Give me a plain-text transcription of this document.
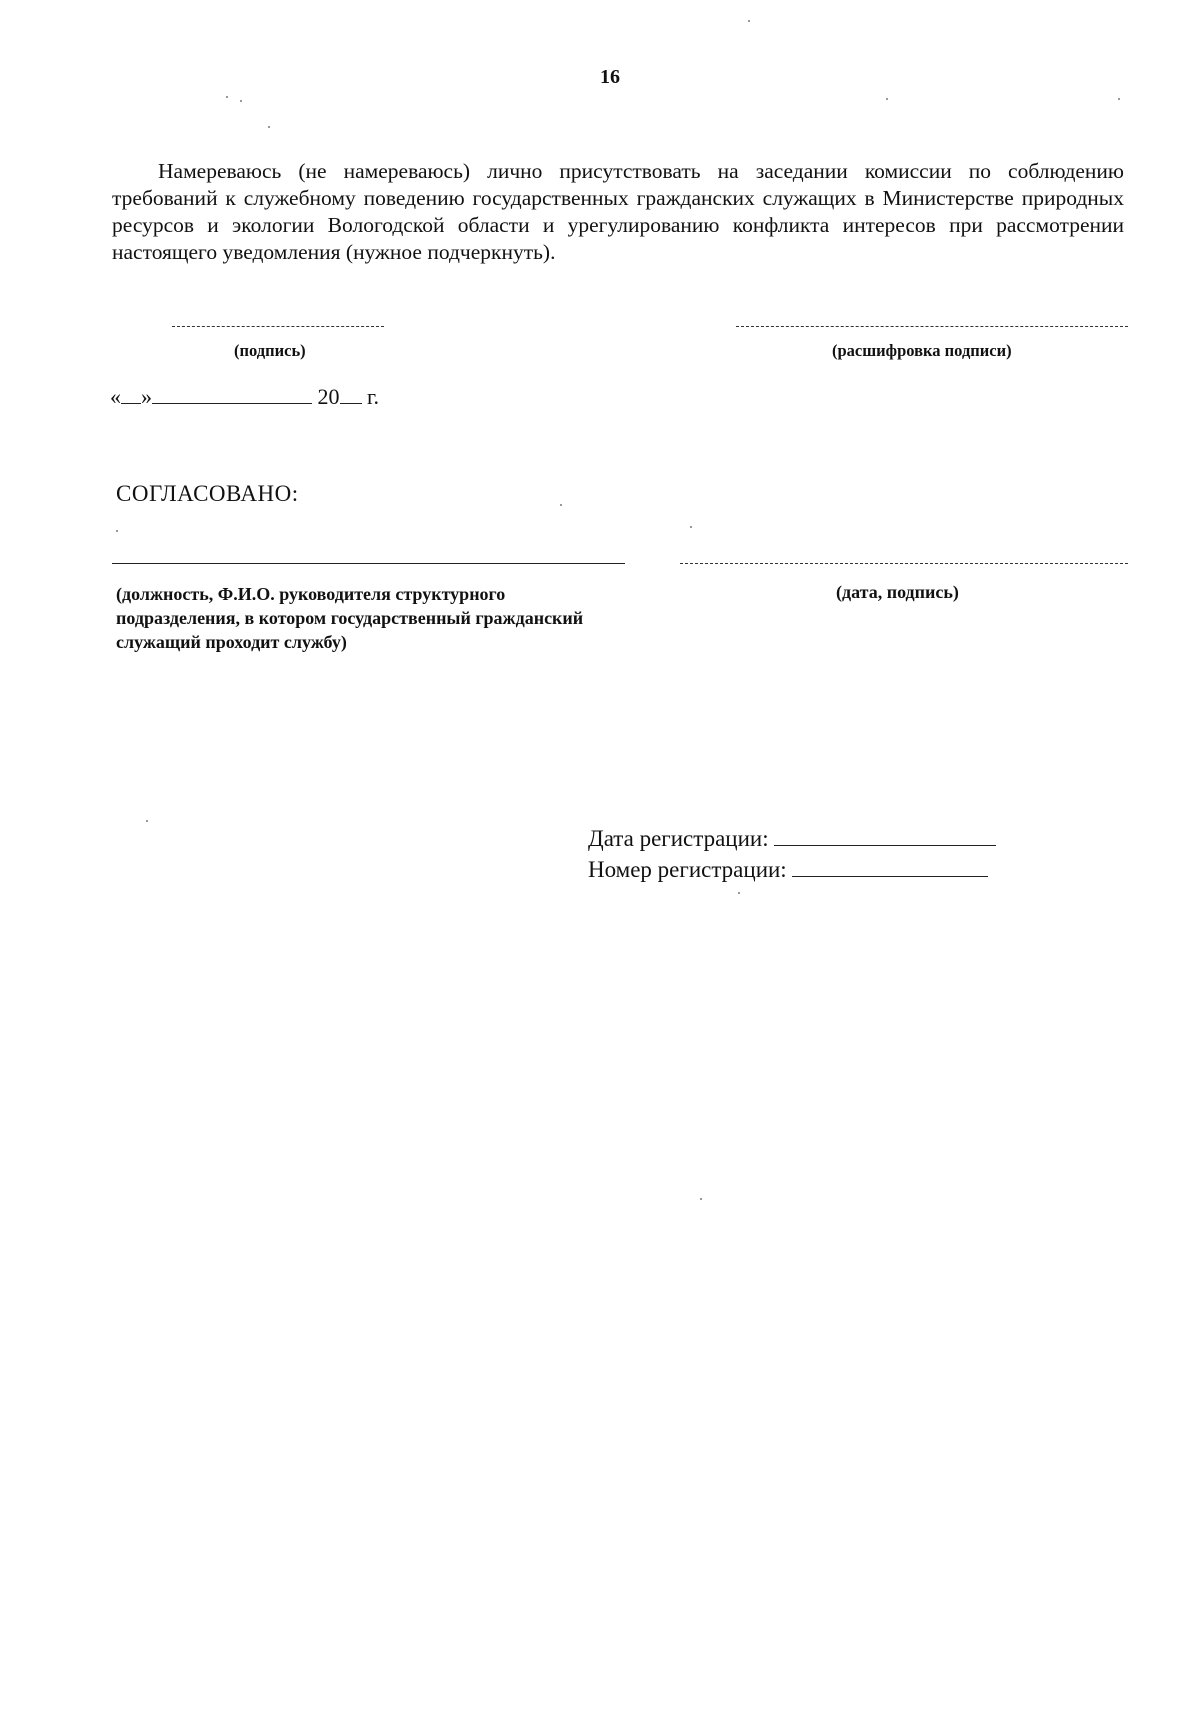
16

Намереваюсь (не намереваюсь) лично присутствовать на заседании комиссии по соблюдению требований к служебному поведению государственных гражданских служащих в Министерстве природных ресурсов и экологии Вологодской области и урегулированию конфликта интересов при рассмотрении настоящего уведомления (нужное подчеркнуть).

(подпись)	(расшифровка подписи)
« »	20 г.
СОГЛАСОВАНО:
(должность, Ф.И.О. руководителя структурного подразделения, в котором государственный гражданский служащий проходит службу)
(дата, подпись)
Дата регистрации:
Номер регистрации:
